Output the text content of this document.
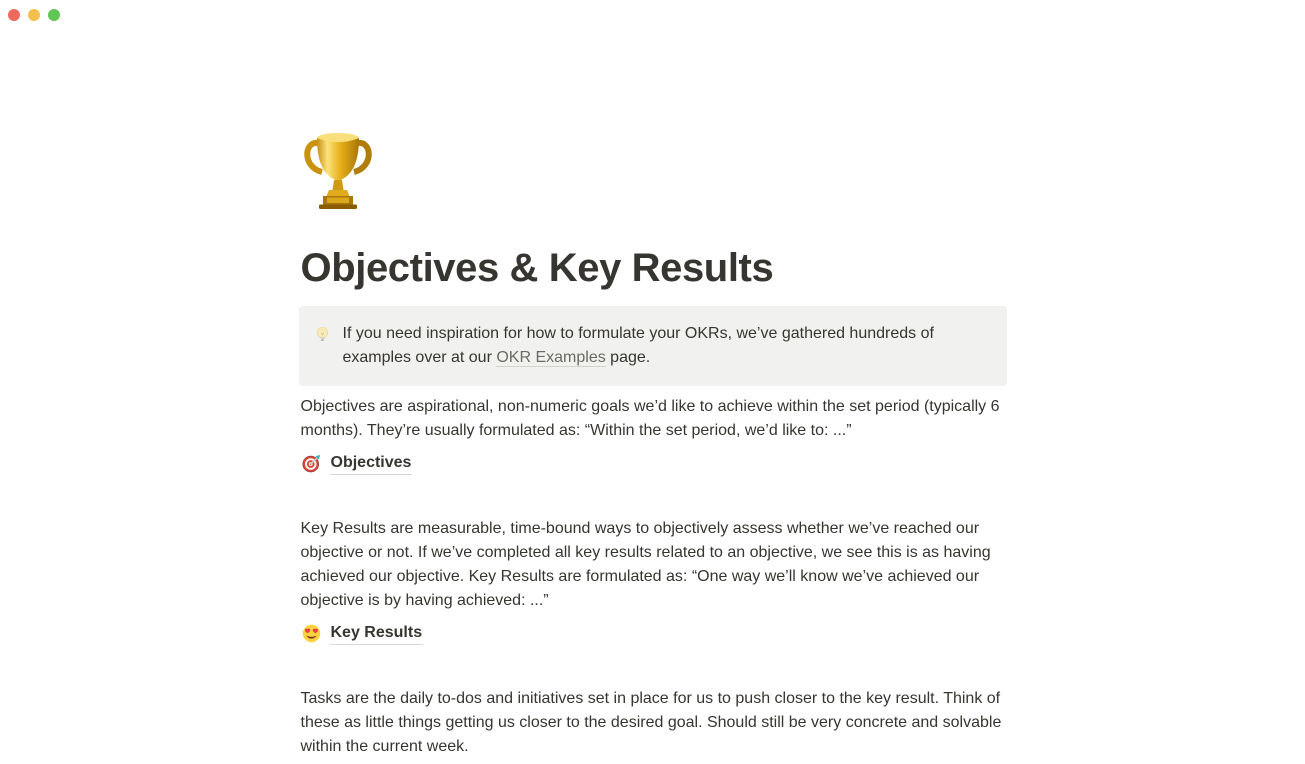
Objectives & Key Results
If you need inspiration for how to formulate your OKRs, we’ve gathered hundreds of examples over at our OKR Examples page.

Objectives are aspirational, non-numeric goals we’d like to achieve within the set period (typically 6 months). They’re usually formulated as: “Within the set period, we’d like to: ...”

Objectives

Key Results are measurable, time-bound ways to objectively assess whether we’ve reached our objective or not. If we’ve completed all key results related to an objective, we see this is as having achieved our objective. Key Results are formulated as: “One way we’ll know we’ve achieved our objective is by having achieved: ...”

Key Results

Tasks are the daily to-dos and initiatives set in place for us to push closer to the key result. Think of these as little things getting us closer to the desired goal. Should still be very concrete and solvable within the current week.
